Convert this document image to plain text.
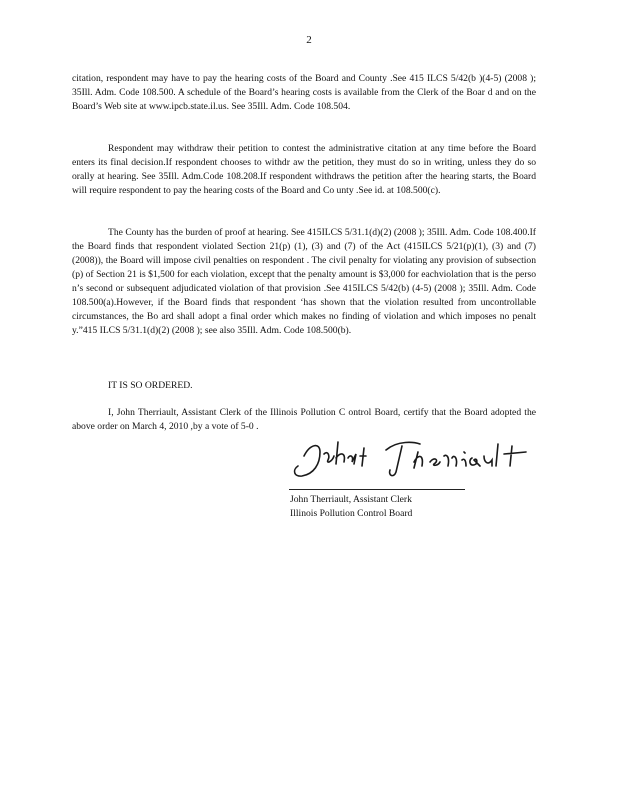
2

citation, respondent may have to pay the hearing costs of the Board and County .See 415 ILCS 5/42(b )(4-5) (2008 ); 35Ill. Adm. Code 108.500. A schedule of the Board’s hearing costs is available from the Clerk of the Boar d and on the Board’s Web site at www.ipcb.state.il.us. See 35Ill. Adm. Code 108.504.

Respondent may withdraw their petition to contest the administrative citation at any time before the Board enters its final decision.If respondent chooses to withdr aw the petition, they must do so in writing, unless they do so orally at hearing. See 35Ill. Adm.Code 108.208.If respondent withdraws the petition after the hearing starts, the Board will require respondent to pay the hearing costs of the Board and Co unty .See id. at 108.500(c).

The County has the burden of proof at hearing. See 415ILCS 5/31.1(d)(2) (2008 ); 35Ill. Adm. Code 108.400.If the Board finds that respondent violated Section 21(p) (1), (3) and (7) of the Act (415ILCS 5/21(p)(1), (3) and (7) (2008)), the Board will impose civil penalties on respondent . The civil penalty for violating any provision of subsection (p) of Section 21 is $1,500 for each violation, except that the penalty amount is $3,000 for eachviolation that is the perso n’s second or subsequent adjudicated violation of that provision .See 415ILCS 5/42(b) (4-5) (2008 ); 35Ill. Adm. Code 108.500(a).However, if the Board finds that respondent ‘has shown that the violation resulted from uncontrollable circumstances, the Bo ard shall adopt a final order which makes no finding of violation and which imposes no penalt y.”415 ILCS 5/31.1(d)(2) (2008 ); see also 35Ill. Adm. Code 108.500(b).

IT IS SO ORDERED.

I, John Therriault, Assistant Clerk of the Illinois Pollution C ontrol Board, certify that the Board adopted the above order on March 4, 2010 ,by a vote of 5-0 .

John Therriault, Assistant Clerk
Illinois Pollution Control Board
